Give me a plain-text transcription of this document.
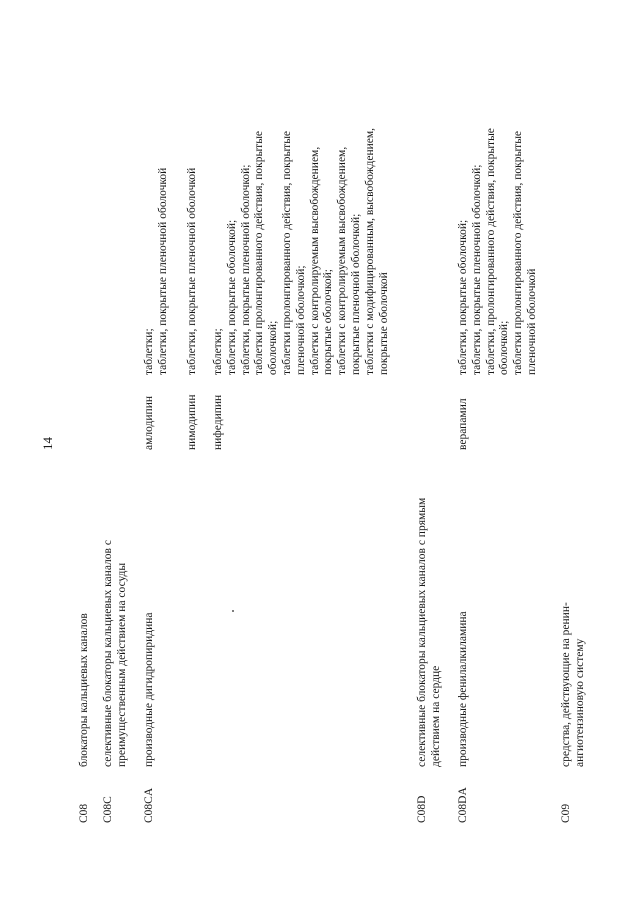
14
C08
блокаторы кальциевых каналов
C08C
селективные блокаторы кальциевых каналов с преимущественным действием на сосуды
C08CA
производные дигидропиридина
амлодипин
таблетки; таблетки, покрытые пленочной оболочкой
нимодипин
таблетки, покрытые пленочной оболочкой
нифедипин
таблетки; таблетки, покрытые оболочкой; таблетки, покрытые пленочной оболочкой; таблетки пролонгированного действия, покрытые оболочкой; таблетки пролонгированного действия, покрытые пленочной оболочкой; таблетки с контролируемым высвобождением, покрытые оболочкой; таблетки с контролируемым высвобождением, покрытые пленочной оболочкой; таблетки с модифицированным, высвобождением, покрытые оболочкой
C08D
селективные блокаторы кальциевых каналов с прямым действием на сердце
C08DA
производные фенилалкиламина
верапамил
таблетки, покрытые оболочкой; таблетки, покрытые пленочной оболочкой; таблетки, пролонгированного действия, покрытые оболочкой; таблетки пролонгированного действия, покрытые пленочной оболочкой
C09
средства, действующие на ренин-ангиотензиновую систему
